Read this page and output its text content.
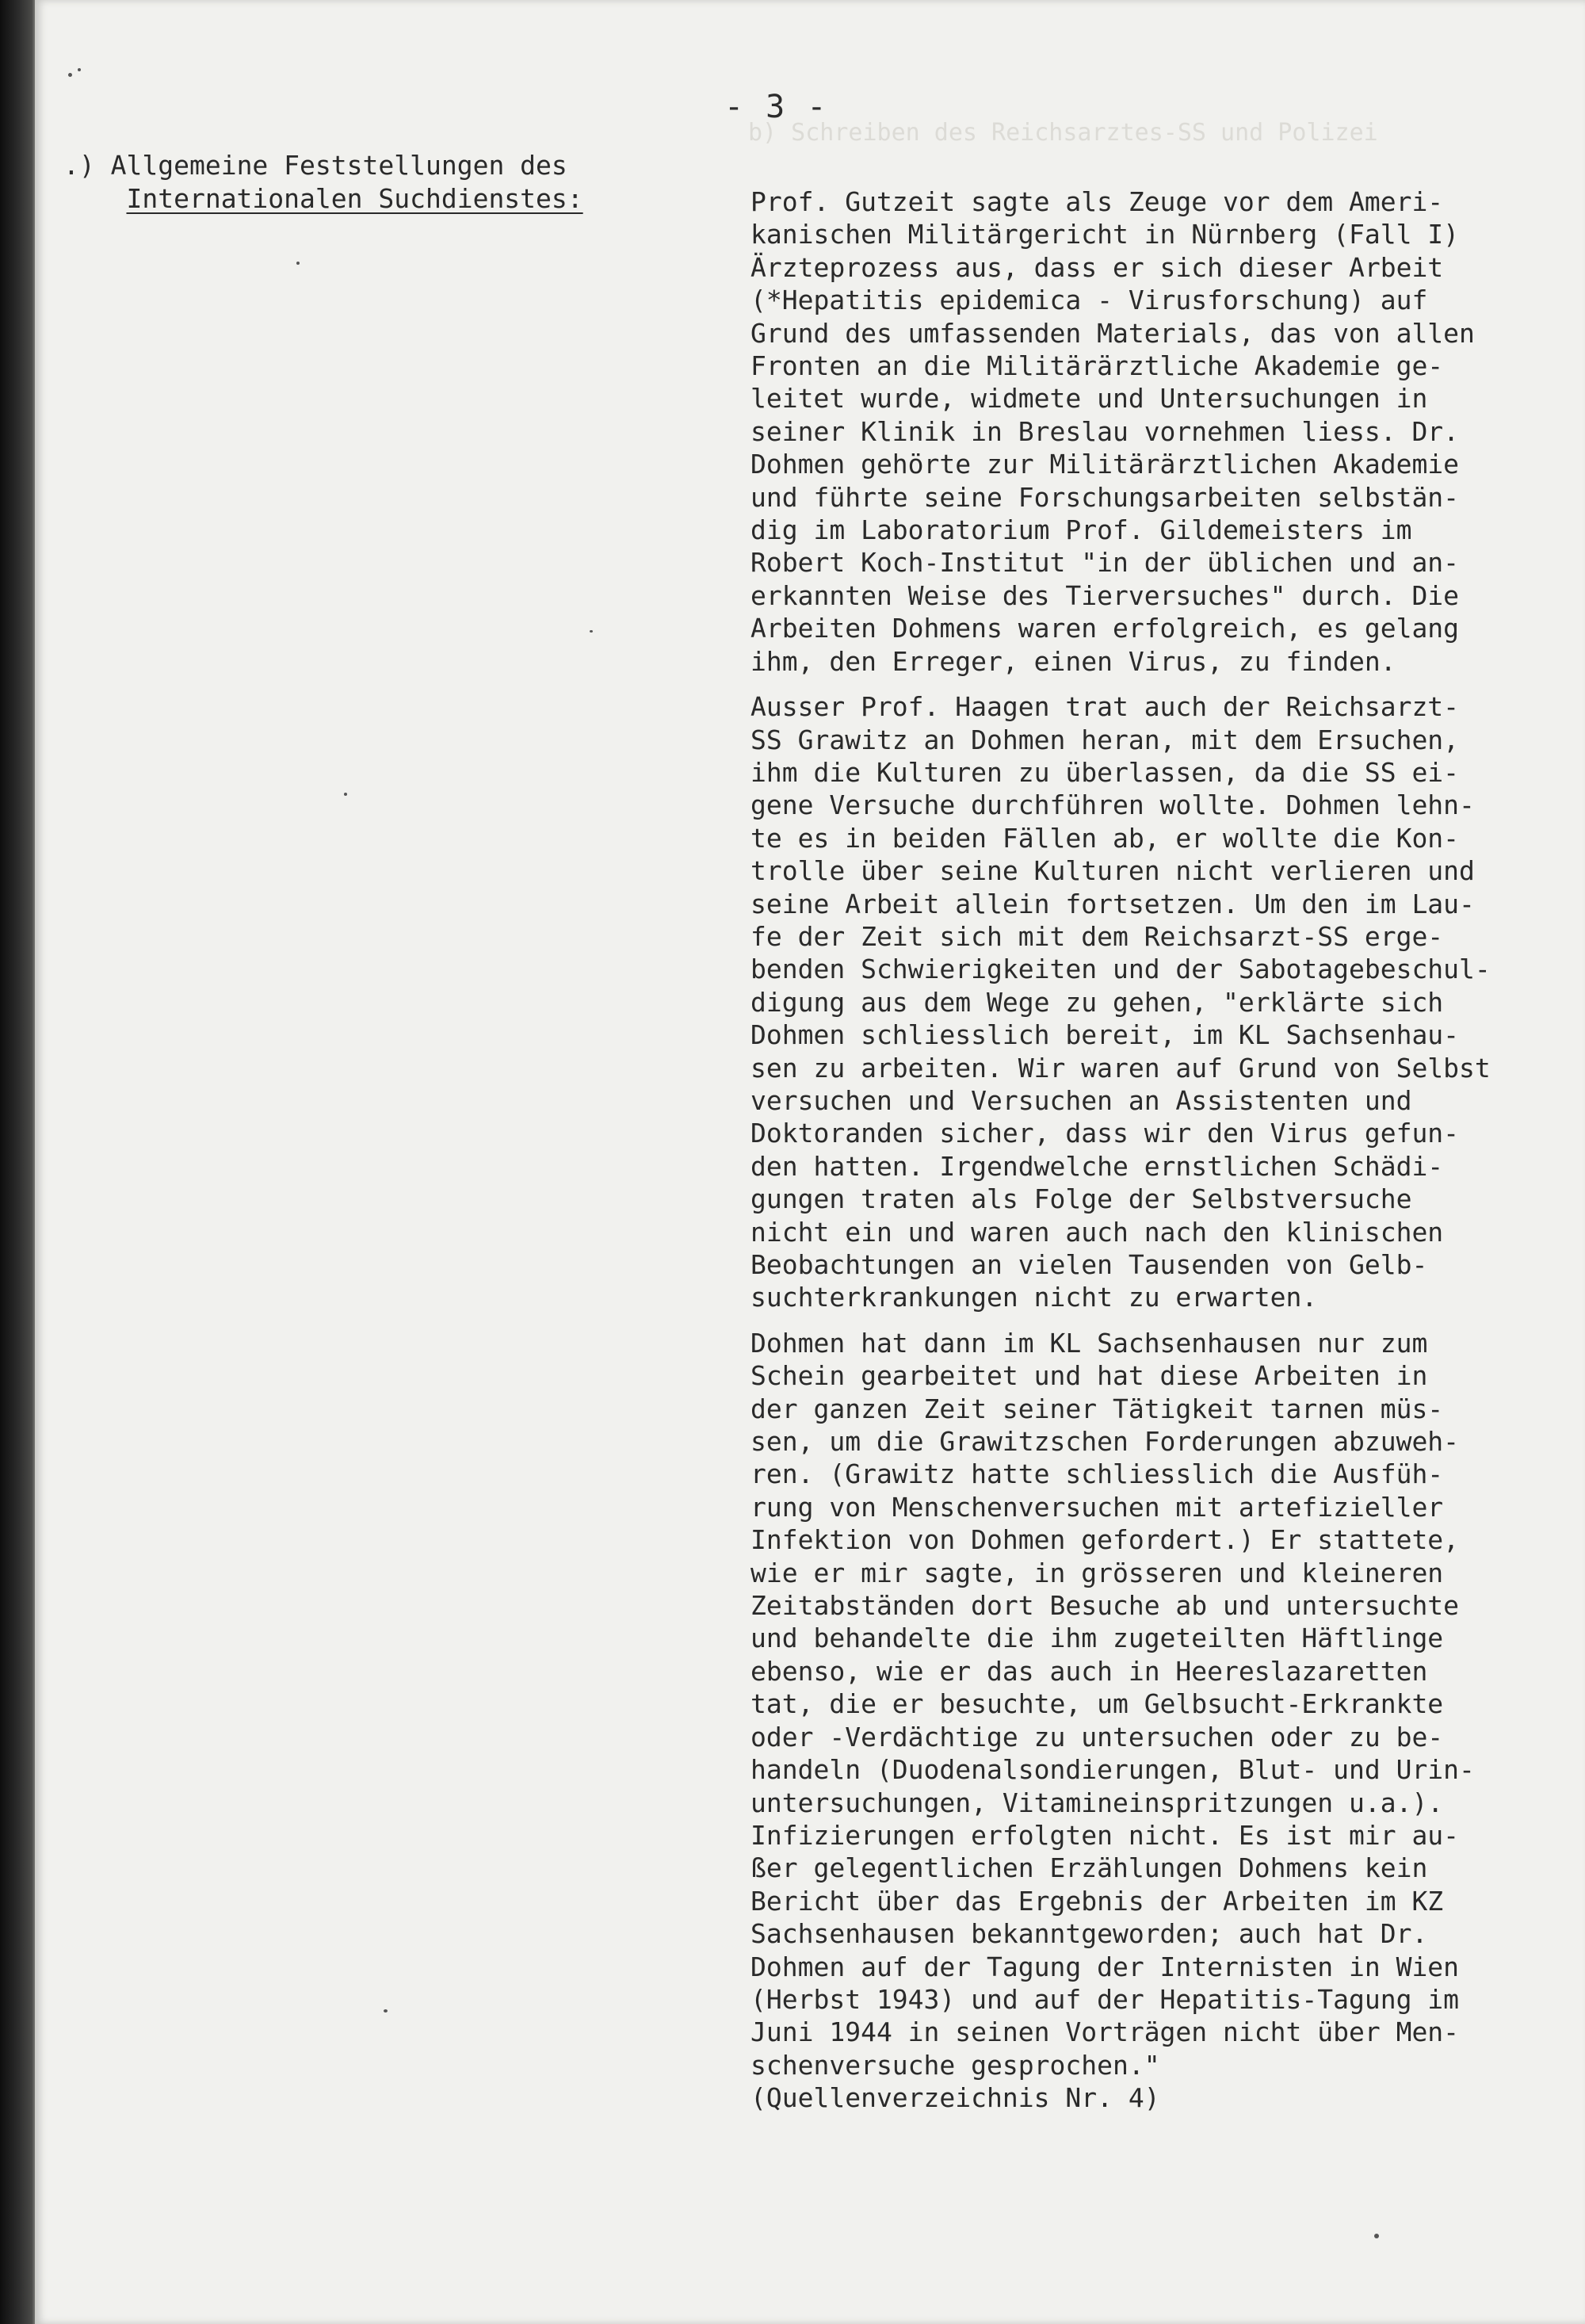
b) Schreiben des Reichsarztes-SS und Polizei
- 3 -
.) Allgemeine Feststellungen des
Internationalen Suchdienstes:	Prof. Gutzeit sagte als Zeuge vor dem Ameri-
kanischen Militärgericht in Nürnberg (Fall I)
Ärzteprozess aus, dass er sich dieser Arbeit
(*Hepatitis epidemica - Virusforschung) auf
Grund des umfassenden Materials, das von allen
Fronten an die Militärärztliche Akademie ge-
leitet wurde, widmete und Untersuchungen in
seiner Klinik in Breslau vornehmen liess. Dr.
Dohmen gehörte zur Militärärztlichen Akademie
und führte seine Forschungsarbeiten selbstän-
dig im Laboratorium Prof. Gildemeisters im
Robert Koch-Institut "in der üblichen und an-
erkannten Weise des Tierversuches" durch. Die
Arbeiten Dohmens waren erfolgreich, es gelang
ihm, den Erreger, einen Virus, zu finden.
Ausser Prof. Haagen trat auch der Reichsarzt-
SS Grawitz an Dohmen heran, mit dem Ersuchen,
ihm die Kulturen zu überlassen, da die SS ei-
gene Versuche durchführen wollte. Dohmen lehn-
te es in beiden Fällen ab, er wollte die Kon-
trolle über seine Kulturen nicht verlieren und
seine Arbeit allein fortsetzen. Um den im Lau-
fe der Zeit sich mit dem Reichsarzt-SS erge-
benden Schwierigkeiten und der Sabotagebeschul-
digung aus dem Wege zu gehen, "erklärte sich
Dohmen schliesslich bereit, im KL Sachsenhau-
sen zu arbeiten. Wir waren auf Grund von Selbst
versuchen und Versuchen an Assistenten und
Doktoranden sicher, dass wir den Virus gefun-
den hatten. Irgendwelche ernstlichen Schädi-
gungen traten als Folge der Selbstversuche
nicht ein und waren auch nach den klinischen
Beobachtungen an vielen Tausenden von Gelb-
suchterkrankungen nicht zu erwarten.
Dohmen hat dann im KL Sachsenhausen nur zum
Schein gearbeitet und hat diese Arbeiten in
der ganzen Zeit seiner Tätigkeit tarnen müs-
sen, um die Grawitzschen Forderungen abzuweh-
ren. (Grawitz hatte schliesslich die Ausfüh-
rung von Menschenversuchen mit artefizieller
Infektion von Dohmen gefordert.) Er stattete,
wie er mir sagte, in grösseren und kleineren
Zeitabständen dort Besuche ab und untersuchte
und behandelte die ihm zugeteilten Häftlinge
ebenso, wie er das auch in Heereslazaretten
tat, die er besuchte, um Gelbsucht-Erkrankte
oder -Verdächtige zu untersuchen oder zu be-
handeln (Duodenalsondierungen, Blut- und Urin-
untersuchungen, Vitamineinspritzungen u.a.).
Infizierungen erfolgten nicht. Es ist mir au-
ßer gelegentlichen Erzählungen Dohmens kein
Bericht über das Ergebnis der Arbeiten im KZ
Sachsenhausen bekanntgeworden; auch hat Dr.
Dohmen auf der Tagung der Internisten in Wien
(Herbst 1943) und auf der Hepatitis-Tagung im
Juni 1944 in seinen Vorträgen nicht über Men-
schenversuche gesprochen."
(Quellenverzeichnis Nr. 4)
